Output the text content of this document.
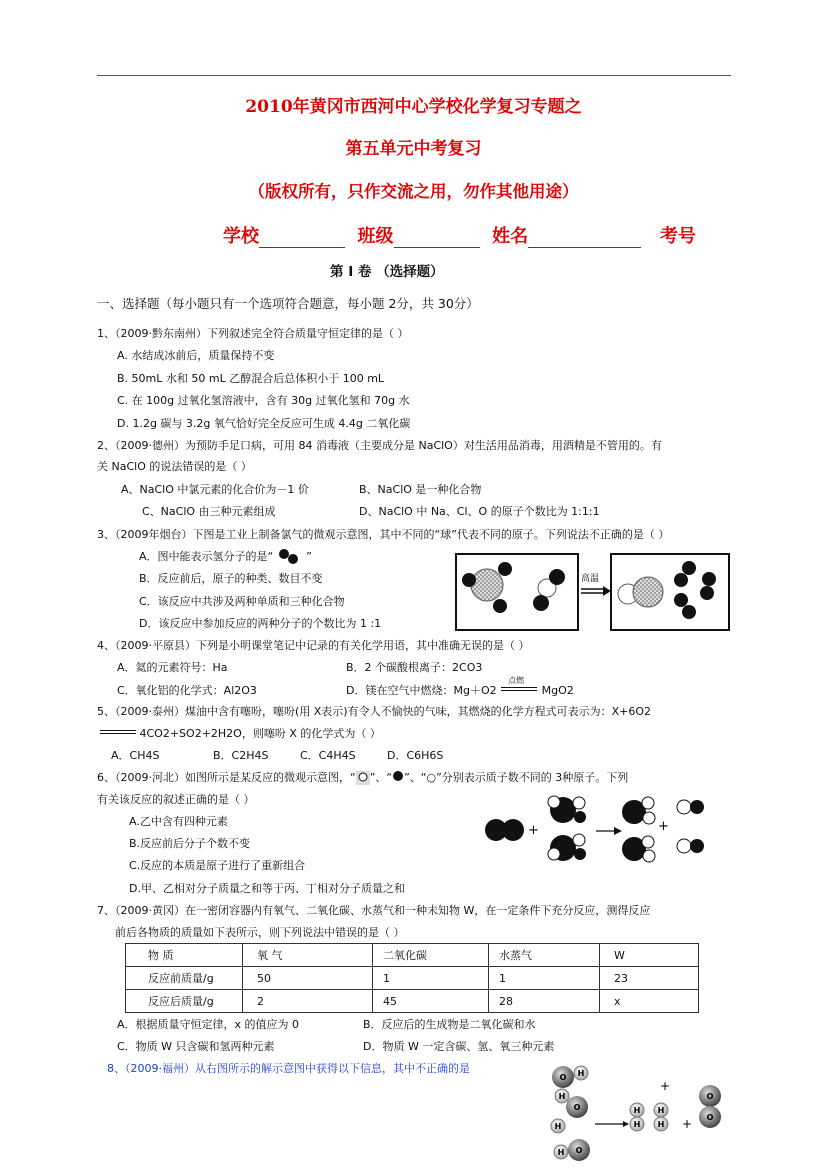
2010年黄冈市西河中心学校化学复习专题之
第五单元中考复习
（版权所有，只作交流之用，勿作其他用途）
学校	班级	姓名	考号
第 I 卷 （选择题）
一、选择题（每小题只有一个选项符合题意，每小题 2分，共 30分）
1、（2009·黔东南州）下列叙述完全符合质量守恒定律的是（ ）
A. 水结成冰前后，质量保持不变
B. 50mL 水和 50 mL 乙醇混合后总体积小于 100 mL
C. 在 100g 过氧化氢溶液中，含有 30g 过氧化氢和 70g 水
D. 1.2g 碳与 3.2g 氧气恰好完全反应可生成 4.4g 二氧化碳
2、（2009·德州）为预防手足口病，可用 84 消毒液（主要成分是 NaClO）对生活用品消毒，用酒精是不管用的。有
关 NaClO 的说法错误的是（ ）
A、NaClO 中氯元素的化合价为－1 价	B、NaClO 是一种化合物
C、NaClO 由三种元素组成	D、NaClO 中 Na、Cl、O 的原子个数比为 1:1:1
3、（2009年烟台）下图是工业上制备氯气的微观示意图，其中不同的“球”代表不同的原子。下列说法不正确的是（ ）
A．图中能表示氢分子的是“	”
B．反应前后，原子的种类、数目不变
C．该反应中共涉及两种单质和三种化合物
D．该反应中参加反应的两种分子的个数比为 1 :1
高温
4、（2009·平原县）下列是小明课堂笔记中记录的有关化学用语，其中准确无误的是（ ）
A．氦的元素符号：Ha	B．2 个碳酸根离子：2CO3
C．氧化铝的化学式：Al2O3	D．镁在空气中燃烧：Mg＋O2
点燃
MgO2
5、（2009·泰州）煤油中含有噻吩，噻吩(用 X表示)有令人不愉快的气味，其燃烧的化学方程式可表示为：X+6O2
4CO2+SO2+2H2O，则噻吩 X 的化学式为（ ）
A．CH4S	B．C2H4S	C．C4H4S	D．C6H6S
6、（2009·河北）如图所示是某反应的微观示意图，“ ”、“ ”、“○”分别表示质子数不同的 3种原子。下列
有关该反应的叙述正确的是（ ）
A.乙中含有四种元素
B.反应前后分子个数不变
C.反应的本质是原子进行了重新组合
D.甲、乙相对分子质量之和等于丙、丁相对分子质量之和
+	+
7、（2009·黄冈）在一密闭容器内有氧气、二氧化碳、水蒸气和一种未知物 W，在一定条件下充分反应，测得反应
前后各物质的质量如下表所示，则下列说法中错误的是（ ）
物 质	氧 气	二氧化碳	水蒸气	W
反应前质量/g	50	1	1	23
反应后质量/g	2	45	28	x
A．根据质量守恒定律，x 的值应为 0	B．反应后的生成物是二氧化碳和水
C．物质 W 只含碳和氢两种元素	D．物质 W 一定含碳、氢、氧三种元素
8、（2009·福州）从右图所示的解示意图中获得以下信息，其中不正确的是
O H
H
O
H
H O
H
H
H
H +
O
O
+
